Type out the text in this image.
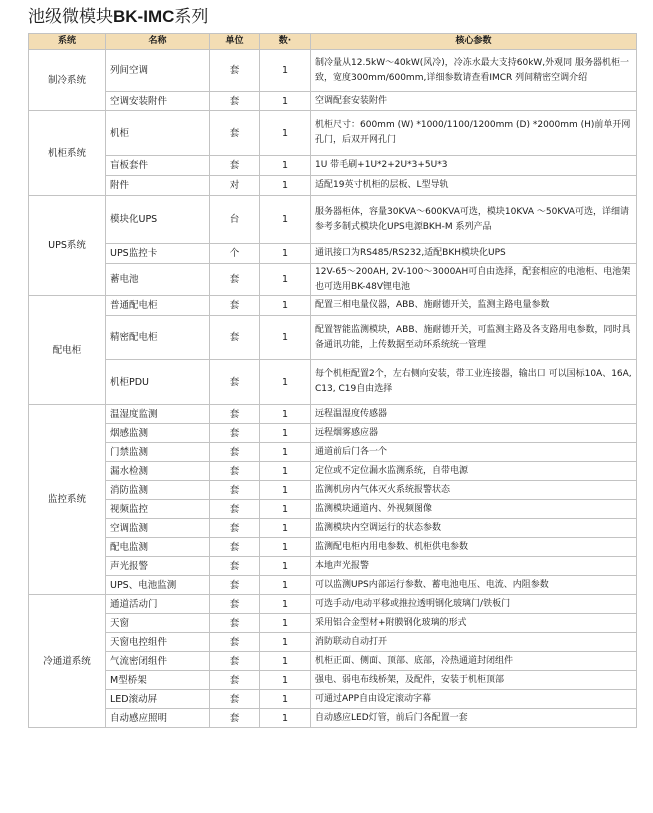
池级微模块BK-IMC系列
系统	名称	单位	数·	核心参数
制冷系统	列间空调	套	1	制冷量从12.5kW～40kW(风冷)，冷冻水最大支持60kW,外观同 服务器机柜一致，宽度300mm/600mm,详细参数请查看IMCR 列间精密空调介绍
	空调安装附件	套	1	空调配套安装附件
机柜系统	机柜	套	1	机柜尺寸：600mm (W) *1000/1100/1200mm (D) *2000mm (H)前单开网孔门，后双开网孔门
	盲板套件	套	1	1U 带毛刷+1U*2+2U*3+5U*3
	附件	对	1	适配19英寸机柜的层板、L型导轨
UPS系统	模块化UPS	台	1	服务器柜体，容量30KVA～600KVA可选，模块10KVA ～50KVA可选，详细请参考多制式模块化UPS电源BKH-M 系列产品
	UPS监控卡	个	1	通讯接口为RS485/RS232,适配BKH模块化UPS
	蓄电池	套	1	12V-65～200AH, 2V-100～3000AH可自由选择，配套相应的电池柜、电池架也可选用BK-48V锂电池
配电柜	普通配电柜	套	1	配置三相电量仪器，ABB、施耐德开关，监测主路电量参数
	精密配电柜	套	1	配置智能监测模块，ABB、施耐德开关，可监测主路及各支路用电参数，同时具备通讯功能，上传数据至动环系统统一管理
	机柜PDU	套	1	每个机柜配置2个，左右侧向安装，带工业连接器，输出口 可以国标10A、16A, C13, C19自由选择
监控系统	温湿度监测	套	1	远程温湿度传感器
	烟感监测	套	1	远程烟雾感应器
	门禁监测	套	1	通道前后门各一个
	漏水检测	套	1	定位或不定位漏水监测系统，自带电源
	消防监测	套	1	监测机房内气体灭火系统报警状态
	视频监控	套	1	监测模块通道内、外视频图像
	空调监测	套	1	监测模块内空调运行的状态参数
	配电监测	套	1	监测配电柜内用电参数、机柜供电参数
	声光报警	套	1	本地声光报警
	UPS、电池监测	套	1	可以监测UPS内部运行参数、蓄电池电压、电流、内阻参数
冷通道系统	通道活动门	套	1	可选手动/电动平移或推拉透明钢化玻璃门/铁板门
	天窗	套	1	采用铝合金型材+附膜钢化玻璃的形式
	天窗电控组件	套	1	消防联动自动打开
	气流密闭组件	套	1	机柜正面、侧面、顶部、底部，冷热通道封闭组件
	M型桥架	套	1	强电、弱电布线桥架，及配件，安装于机柜顶部
	LED滚动屏	套	1	可通过APP自由设定滚动字幕
	自动感应照明	套	1	自动感应LED灯管，前后门各配置一套
